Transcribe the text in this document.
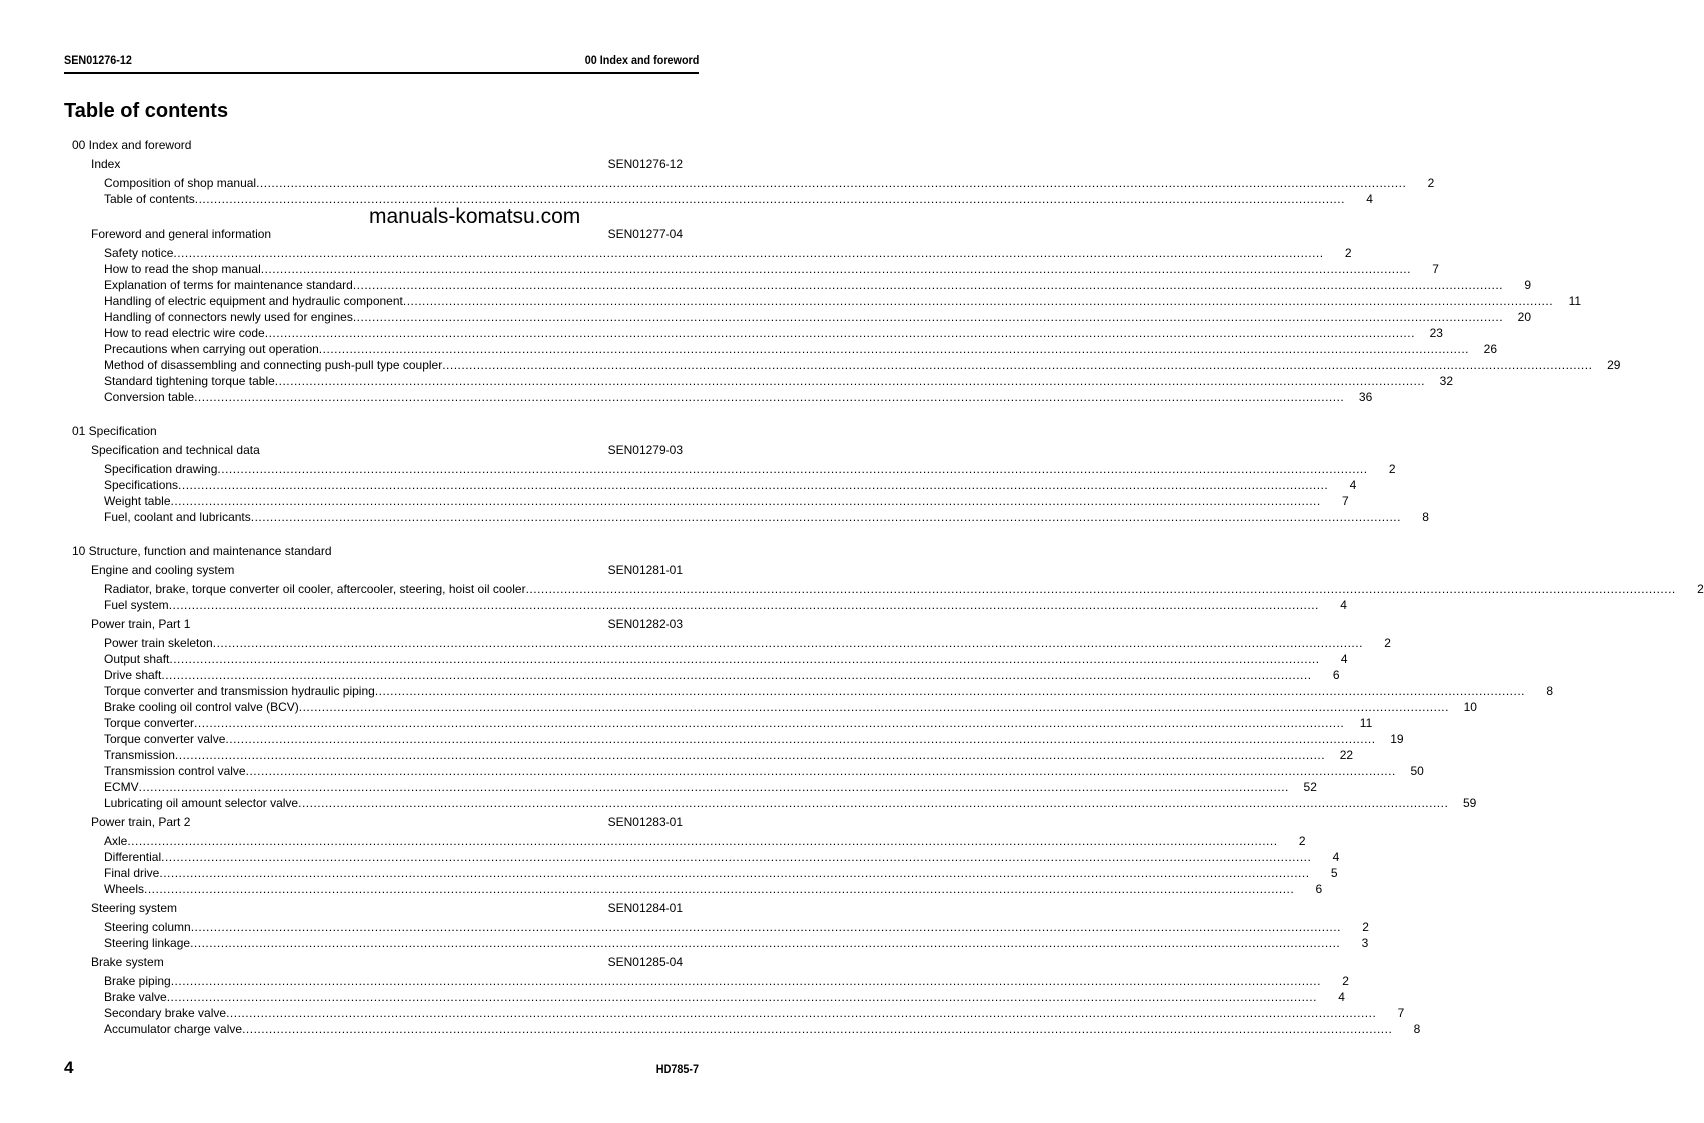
SEN01276-12	00 Index and foreword
Table of contents
00 Index and foreword
Index	SEN01276-12
Composition of shop manual ............................................................................................................................................................................................................................................................................................................	2
Table of contents ............................................................................................................................................................................................................................................................................................................	4
Foreword and general information	SEN01277-04
Safety notice ............................................................................................................................................................................................................................................................................................................	2
How to read the shop manual ............................................................................................................................................................................................................................................................................................................	7
Explanation of terms for maintenance standard ............................................................................................................................................................................................................................................................................................................	9
Handling of electric equipment and hydraulic component ............................................................................................................................................................................................................................................................................................................ 11
Handling of connectors newly used for engines ............................................................................................................................................................................................................................................................................................................ 20
How to read electric wire code ............................................................................................................................................................................................................................................................................................................ 23
Precautions when carrying out operation ............................................................................................................................................................................................................................................................................................................ 26
Method of disassembling and connecting push-pull type coupler ............................................................................................................................................................................................................................................................................................................ 29
Standard tightening torque table ............................................................................................................................................................................................................................................................................................................ 32
Conversion table ............................................................................................................................................................................................................................................................................................................ 36
01 Specification
Specification and technical data	SEN01279-03
Specification drawing ............................................................................................................................................................................................................................................................................................................	2
Specifications ............................................................................................................................................................................................................................................................................................................	4
Weight table ............................................................................................................................................................................................................................................................................................................	7
Fuel, coolant and lubricants ............................................................................................................................................................................................................................................................................................................	8
10 Structure, function and maintenance standard
Engine and cooling system	SEN01281-01
Radiator, brake, torque converter oil cooler, aftercooler, steering, hoist oil cooler ............................................................................................................................................................................................................................................................................................................	2
Fuel system ............................................................................................................................................................................................................................................................................................................	4
Power train, Part 1	SEN01282-03
Power train skeleton ............................................................................................................................................................................................................................................................................................................	2
Output shaft ............................................................................................................................................................................................................................................................................................................	4
Drive shaft ............................................................................................................................................................................................................................................................................................................	6
Torque converter and transmission hydraulic piping ............................................................................................................................................................................................................................................................................................................	8
Brake cooling oil control valve (BCV) ............................................................................................................................................................................................................................................................................................................ 10
Torque converter ............................................................................................................................................................................................................................................................................................................ 11
Torque converter valve ............................................................................................................................................................................................................................................................................................................ 19
Transmission ............................................................................................................................................................................................................................................................................................................ 22
Transmission control valve ............................................................................................................................................................................................................................................................................................................ 50
ECMV ............................................................................................................................................................................................................................................................................................................ 52
Lubricating oil amount selector valve ............................................................................................................................................................................................................................................................................................................ 59
Power train, Part 2	SEN01283-01
Axle ............................................................................................................................................................................................................................................................................................................	2
Differential ............................................................................................................................................................................................................................................................................................................	4
Final drive ............................................................................................................................................................................................................................................................................................................	5
Wheels ............................................................................................................................................................................................................................................................................................................	6
Steering system	SEN01284-01
Steering column ............................................................................................................................................................................................................................................................................................................	2
Steering linkage ............................................................................................................................................................................................................................................................................................................	3
Brake system	SEN01285-04
Brake piping ............................................................................................................................................................................................................................................................................................................	2
Brake valve ............................................................................................................................................................................................................................................................................................................	4
Secondary brake valve ............................................................................................................................................................................................................................................................................................................	7
Accumulator charge valve ............................................................................................................................................................................................................................................................................................................	8
manuals-komatsu.com
4	HD785-7
